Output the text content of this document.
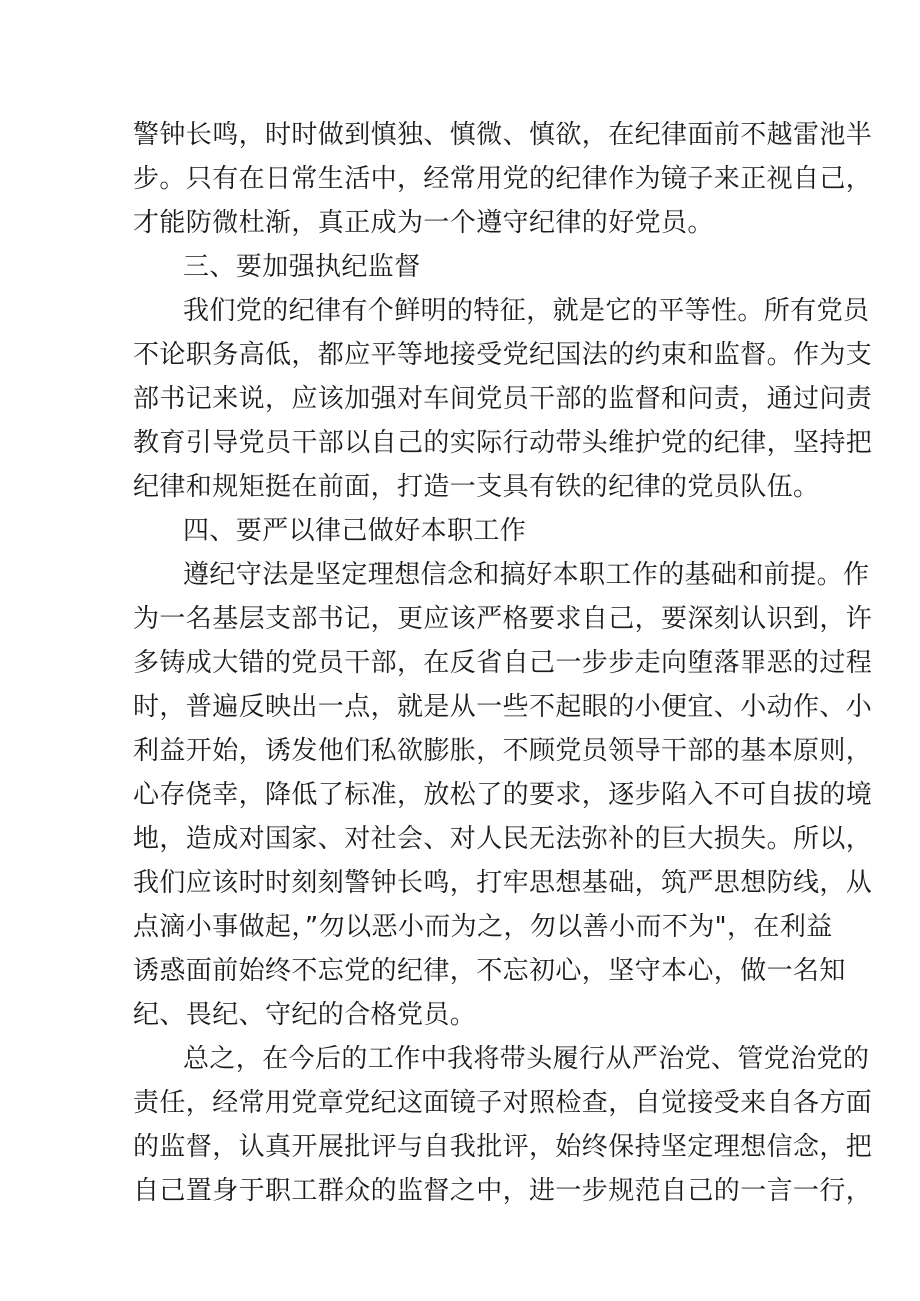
警钟长鸣，时时做到慎独、慎微、慎欲，在纪律面前不越雷池半

步。只有在日常生活中，经常用党的纪律作为镜子来正视自己，

才能防微杜渐，真正成为一个遵守纪律的好党员。

三、要加强执纪监督

我们党的纪律有个鲜明的特征，就是它的平等性。所有党员

不论职务高低，都应平等地接受党纪国法的约束和监督。作为支

部书记来说，应该加强对车间党员干部的监督和问责，通过问责

教育引导党员干部以自己的实际行动带头维护党的纪律，坚持把

纪律和规矩挺在前面，打造一支具有铁的纪律的党员队伍。

四、要严以律己做好本职工作

遵纪守法是坚定理想信念和搞好本职工作的基础和前提。作

为一名基层支部书记，更应该严格要求自己，要深刻认识到，许

多铸成大错的党员干部，在反省自己一步步走向堕落罪恶的过程

时，普遍反映出一点，就是从一些不起眼的小便宜、小动作、小

利益开始，诱发他们私欲膨胀，不顾党员领导干部的基本原则，

心存侥幸，降低了标准，放松了的要求，逐步陷入不可自拔的境

地，造成对国家、对社会、对人民无法弥补的巨大损失。所以，

我们应该时时刻刻警钟长鸣，打牢思想基础，筑严思想防线，从

点滴小事做起，”勿以恶小而为之，勿以善小而不为"，在利益

诱惑面前始终不忘党的纪律，不忘初心，坚守本心，做一名知

纪、畏纪、守纪的合格党员。

总之，在今后的工作中我将带头履行从严治党、管党治党的

责任，经常用党章党纪这面镜子对照检查，自觉接受来自各方面

的监督，认真开展批评与自我批评，始终保持坚定理想信念，把

自己置身于职工群众的监督之中，进一步规范自己的一言一行，
